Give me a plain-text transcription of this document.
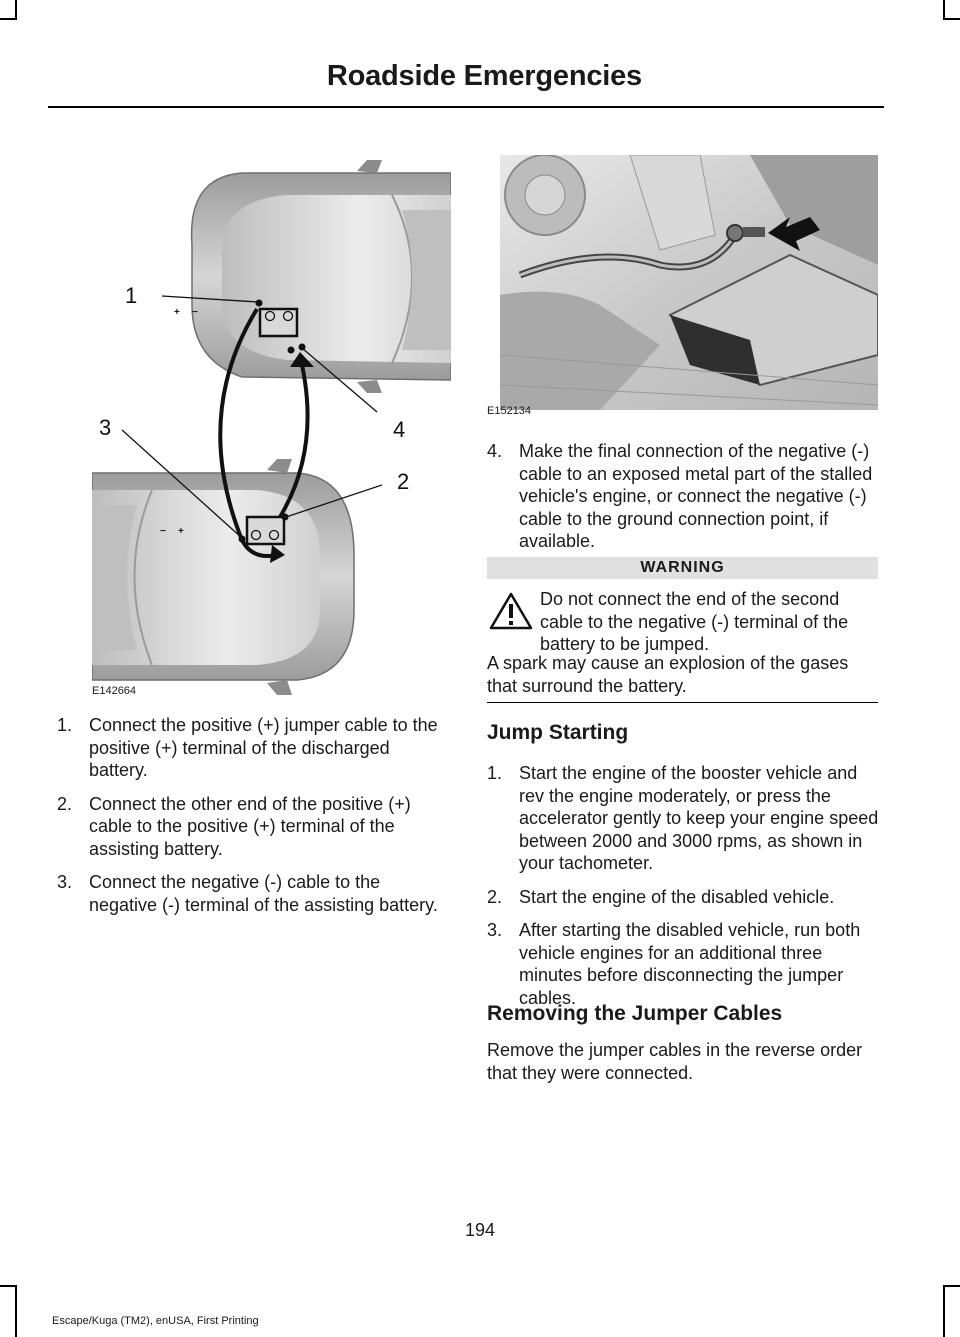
Roadside Emergencies
1
2
3	4
+ −
− +
E142664
E152134
1. Connect the positive (+) jumper cable to the positive (+) terminal of the discharged battery.
2. Connect the other end of the positive (+) cable to the positive (+) terminal of the assisting battery.
3. Connect the negative (-) cable to the negative (-) terminal of the assisting battery.
4. Make the final connection of the negative (-) cable to an exposed metal part of the stalled vehicle's engine, or connect the negative (-) cable to the ground connection point, if available.
WARNING
Do not connect the end of the second cable to the negative (-) terminal of the battery to be jumped.
A spark may cause an explosion of the gases that surround the battery.
Jump Starting
1. Start the engine of the booster vehicle and rev the engine moderately, or press the accelerator gently to keep your engine speed between 2000 and 3000 rpms, as shown in your tachometer.
2. Start the engine of the disabled vehicle.
3. After starting the disabled vehicle, run both vehicle engines for an additional three minutes before disconnecting the jumper cables.
Removing the Jumper Cables
Remove the jumper cables in the reverse order that they were connected.
194
Escape/Kuga (TM2), enUSA, First Printing
